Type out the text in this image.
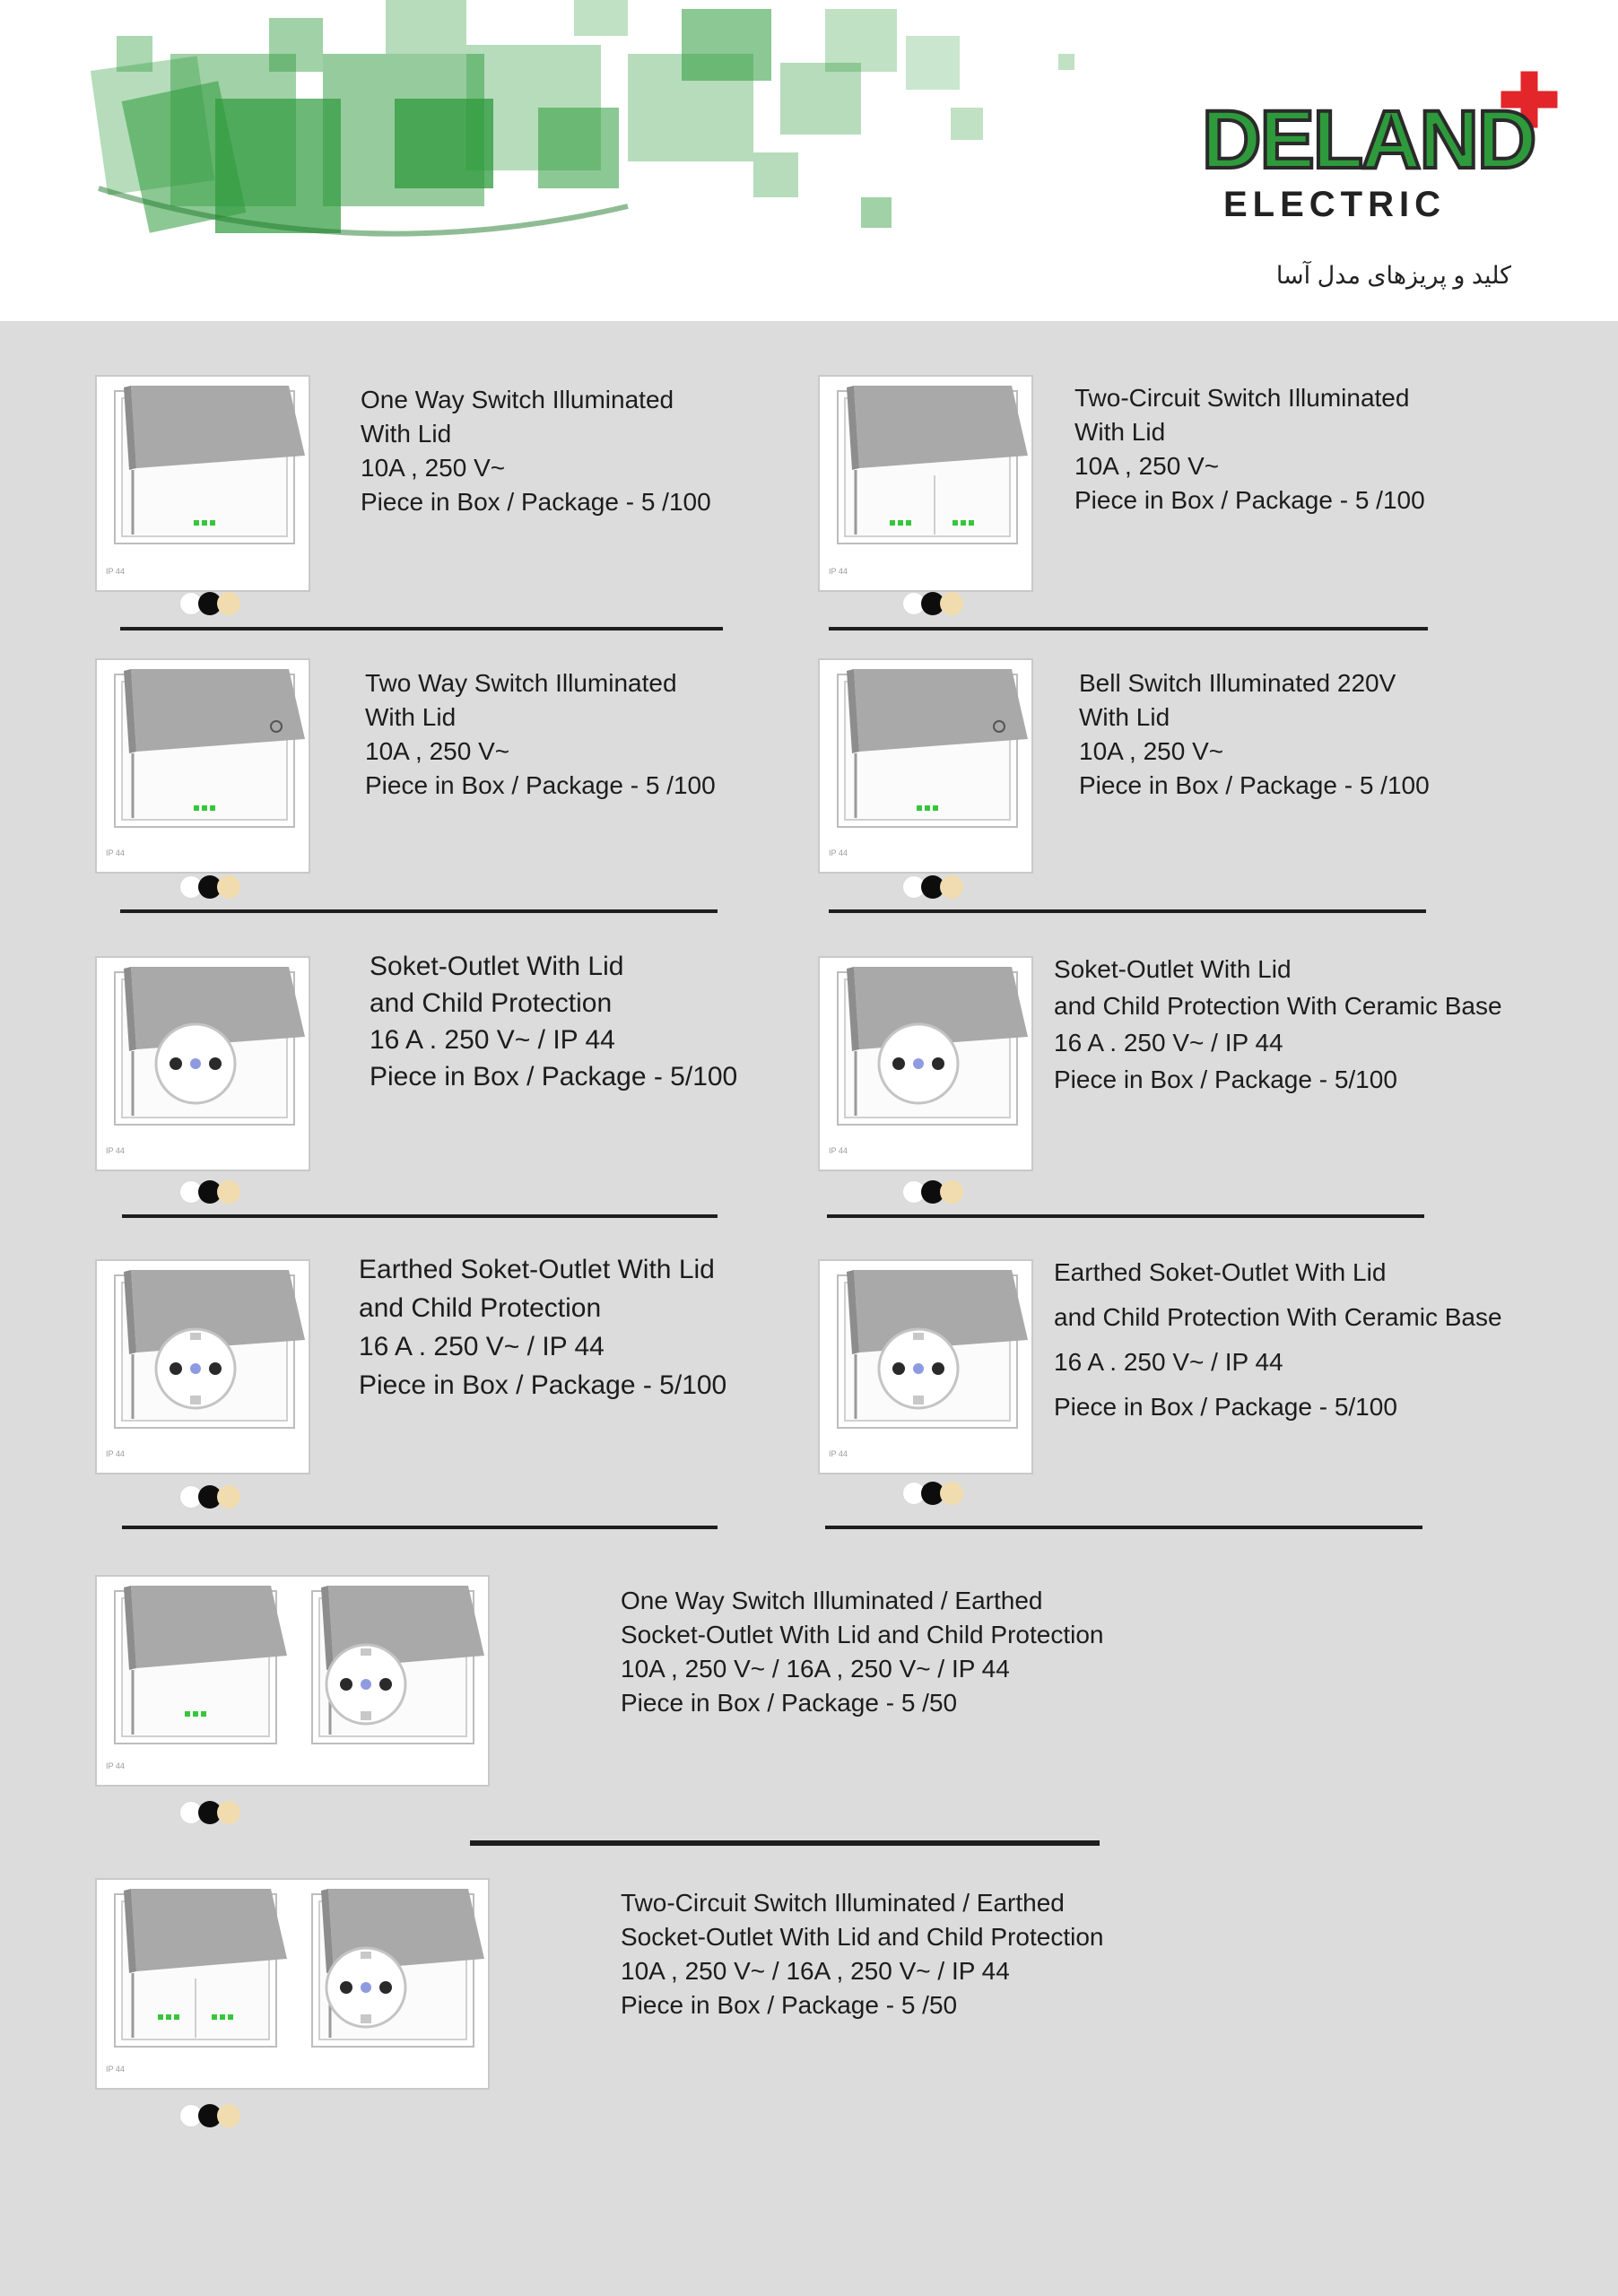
DELAND
ELECTRIC
کلید و پریزهای مدل آسا
IP 44
One Way Switch Illuminated
With Lid
10A , 250 V~
Piece in Box / Package - 5 /100
IP 44
Two-Circuit Switch Illuminated
With Lid
10A , 250 V~
Piece in Box / Package - 5 /100
IP 44
Two Way Switch Illuminated
With Lid
10A , 250 V~
Piece in Box / Package - 5 /100
IP 44
Bell Switch Illuminated 220V
With Lid
10A , 250 V~
Piece in Box / Package - 5 /100
IP 44
Soket-Outlet With Lid
and Child Protection
16 A . 250 V~ / IP 44
Piece in Box / Package - 5/100
IP 44
Soket-Outlet With Lid
and Child Protection With Ceramic Base
16 A . 250 V~ / IP 44
Piece in Box / Package - 5/100
IP 44
Earthed Soket-Outlet With Lid
and Child Protection
16 A . 250 V~ / IP 44
Piece in Box / Package - 5/100
IP 44
Earthed Soket-Outlet With Lid
and Child Protection With Ceramic Base
16 A . 250 V~ / IP 44
Piece in Box / Package - 5/100
IP 44
One Way Switch Illuminated / Earthed
Socket-Outlet With Lid and Child Protection
10A , 250 V~ / 16A , 250 V~ / IP 44
Piece in Box / Package - 5 /50
IP 44
Two-Circuit Switch Illuminated / Earthed
Socket-Outlet With Lid and Child Protection
10A , 250 V~ / 16A , 250 V~ / IP 44
Piece in Box / Package - 5 /50
